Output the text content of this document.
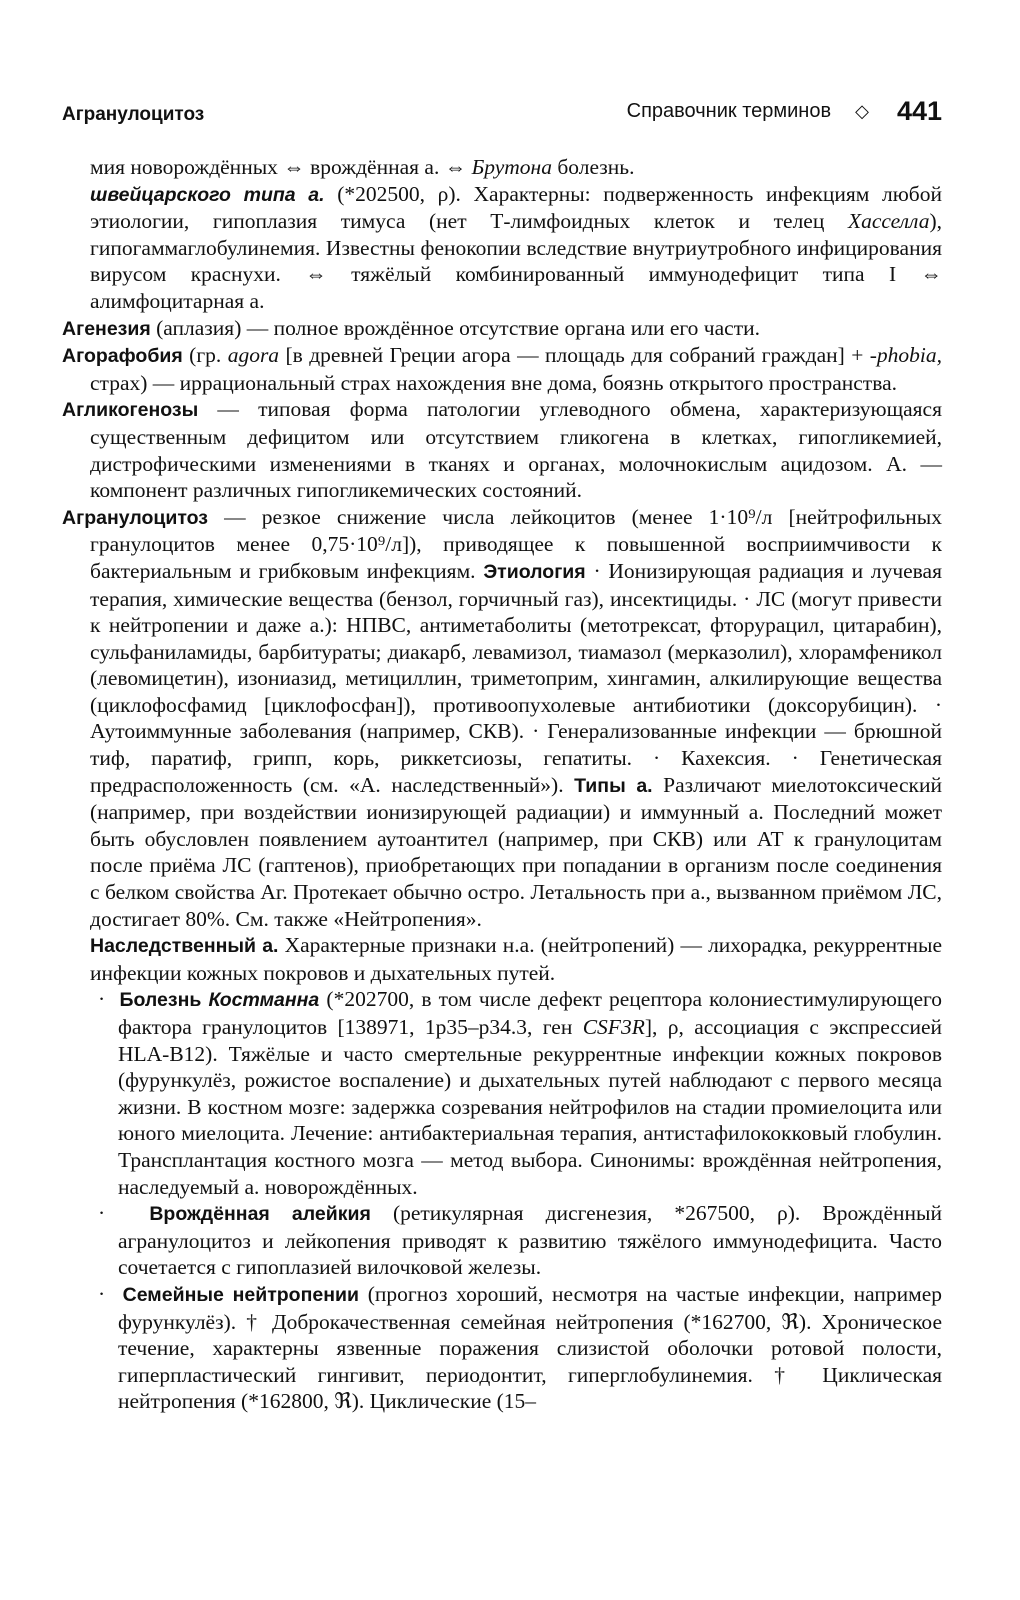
Агранулоцитоз	Справочник терминов ◇ 441

мия новорождённых ⇔ врождённая а. ⇔ Брутона болезнь.

швейцарского типа а. (*202500, ρ). Характерны: подверженность инфекциям любой этиологии, гипоплазия тимуса (нет Т-лимфоидных клеток и телец Хасселла), гипогаммаглобулинемия. Известны фенокопии вследствие внутриутробного инфицирования вирусом краснухи. ⇔ тяжёлый комбинированный иммунодефицит типа I ⇔ алимфоцитарная а.

Агенезия (аплазия) — полное врождённое отсутствие органа или его части.

Агорафобия (гр. agora [в древней Греции агора — площадь для собраний граждан] + -phobia, страх) — иррациональный страх нахождения вне дома, боязнь открытого пространства.

Агликогенозы — типовая форма патологии углеводного обмена, характеризующаяся существенным дефицитом или отсутствием гликогена в клетках, гипогликемией, дистрофическими изменениями в тканях и органах, молочнокислым ацидозом. А. — компонент различных гипогликемических состояний.

Агранулоцитоз — резкое снижение числа лейкоцитов (менее 1·10⁹/л [нейтрофильных гранулоцитов менее 0,75·10⁹/л]), приводящее к повышенной восприимчивости к бактериальным и грибковым инфекциям. Этиология · Ионизирующая радиация и лучевая терапия, химические вещества (бензол, горчичный газ), инсектициды. · ЛС (могут привести к нейтропении и даже а.): НПВС, антиметаболиты (метотрексат, фторурацил, цитарабин), сульфаниламиды, барбитураты; диакарб, левамизол, тиамазол (мерказолил), хлорамфеникол (левомицетин), изониазид, метициллин, триметоприм, хингамин, алкилирующие вещества (циклофосфамид [циклофосфан]), противоопухолевые антибиотики (доксорубицин). · Аутоиммунные заболевания (например, СКВ). · Генерализованные инфекции — брюшной тиф, паратиф, грипп, корь, риккетсиозы, гепатиты. · Кахексия. · Генетическая предрасположенность (см. «А. наследственный»). Типы а. Различают миелотоксический (например, при воздействии ионизирующей радиации) и иммунный а. Последний может быть обусловлен появлением аутоантител (например, при СКВ) или АТ к гранулоцитам после приёма ЛС (гаптенов), приобретающих при попадании в организм после соединения с белком свойства Аг. Протекает обычно остро. Летальность при а., вызванном приёмом ЛС, достигает 80%. См. также «Нейтропения».

Наследственный а. Характерные признаки н.а. (нейтропений) — лихорадка, рекуррентные инфекции кожных покровов и дыхательных путей.

· Болезнь Костманна (*202700, в том числе дефект рецептора колониестимулирующего фактора гранулоцитов [138971, 1p35–p34.3, ген CSF3R], ρ, ассоциация с экспрессией HLA-B12). Тяжёлые и часто смертельные рекуррентные инфекции кожных покровов (фурункулёз, рожистое воспаление) и дыхательных путей наблюдают с первого месяца жизни. В костном мозге: задержка созревания нейтрофилов на стадии промиелоцита или юного миелоцита. Лечение: антибактериальная терапия, антистафилококковый глобулин. Трансплантация костного мозга — метод выбора. Синонимы: врождённая нейтропения, наследуемый а. новорождённых.

· Врождённая алейкия (ретикулярная дисгенезия, *267500, ρ). Врождённый агранулоцитоз и лейкопения приводят к развитию тяжёлого иммунодефицита. Часто сочетается с гипоплазией вилочковой железы.

· Семейные нейтропении (прогноз хороший, несмотря на частые инфекции, например фурункулёз). † Доброкачественная семейная нейтропения (*162700, ℜ). Хроническое течение, характерны язвенные поражения слизистой оболочки ротовой полости, гиперпластический гингивит, периодонтит, гиперглобулинемия. † Циклическая нейтропения (*162800, ℜ). Циклические (15–
